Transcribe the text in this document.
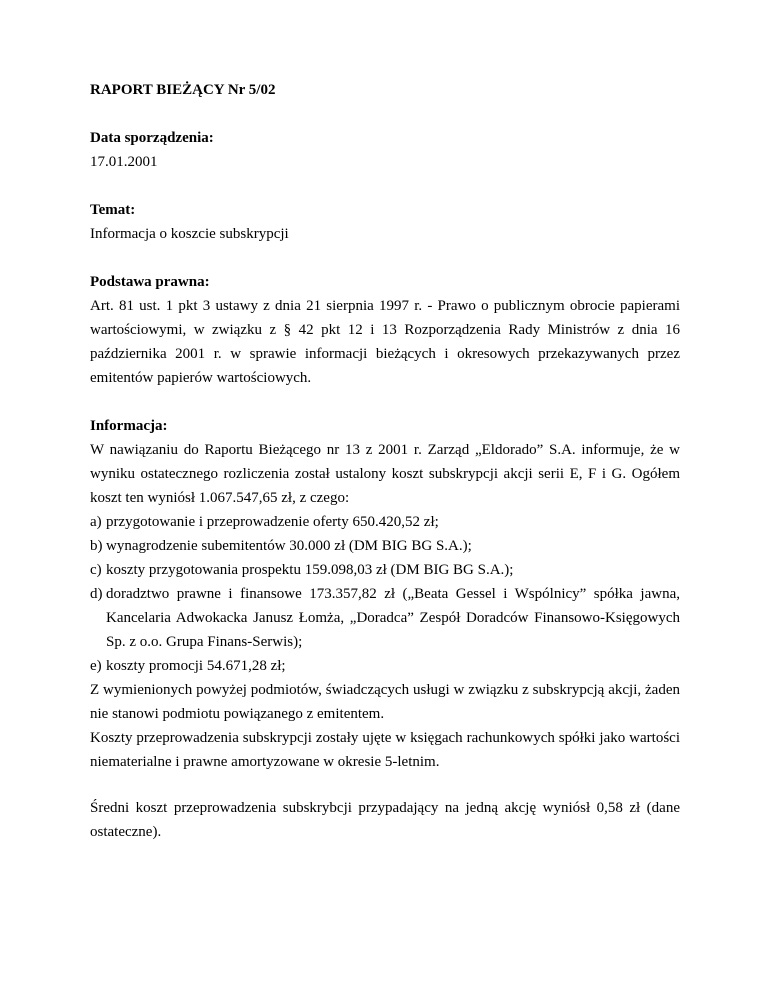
RAPORT BIEŻĄCY Nr 5/02

Data sporządzenia:

17.01.2001

Temat:

Informacja o koszcie subskrypcji

Podstawa prawna:

Art. 81 ust. 1 pkt 3 ustawy z dnia 21 sierpnia 1997 r. - Prawo o publicznym obrocie papierami wartościowymi, w związku z § 42 pkt 12 i 13 Rozporządzenia Rady Ministrów z dnia 16 października 2001 r. w sprawie informacji bieżących i okresowych przekazywanych przez emitentów papierów wartościowych.

Informacja:

W nawiązaniu do Raportu Bieżącego nr 13 z 2001 r. Zarząd „Eldorado” S.A. informuje, że w wyniku ostatecznego rozliczenia został ustalony koszt subskrypcji akcji serii E, F i G. Ogółem koszt ten wyniósł 1.067.547,65 zł, z czego:

a) przygotowanie i przeprowadzenie oferty 650.420,52 zł;
b) wynagrodzenie subemitentów 30.000 zł (DM BIG BG S.A.);
c) koszty przygotowania prospektu 159.098,03 zł (DM BIG BG S.A.);
d) doradztwo prawne i finansowe 173.357,82 zł („Beata Gessel i Wspólnicy” spółka jawna, Kancelaria Adwokacka Janusz Łomża, „Doradca” Zespół Doradców Finansowo-Księgowych Sp. z o.o. Grupa Finans-Serwis);
e) koszty promocji 54.671,28 zł;

Z wymienionych powyżej podmiotów, świadczących usługi w związku z subskrypcją akcji, żaden nie stanowi podmiotu powiązanego z emitentem.

Koszty przeprowadzenia subskrypcji zostały ujęte w księgach rachunkowych spółki jako wartości niematerialne i prawne amortyzowane w okresie 5-letnim.

Średni koszt przeprowadzenia subskrybcji przypadający na jedną akcję wyniósł 0,58 zł (dane ostateczne).
